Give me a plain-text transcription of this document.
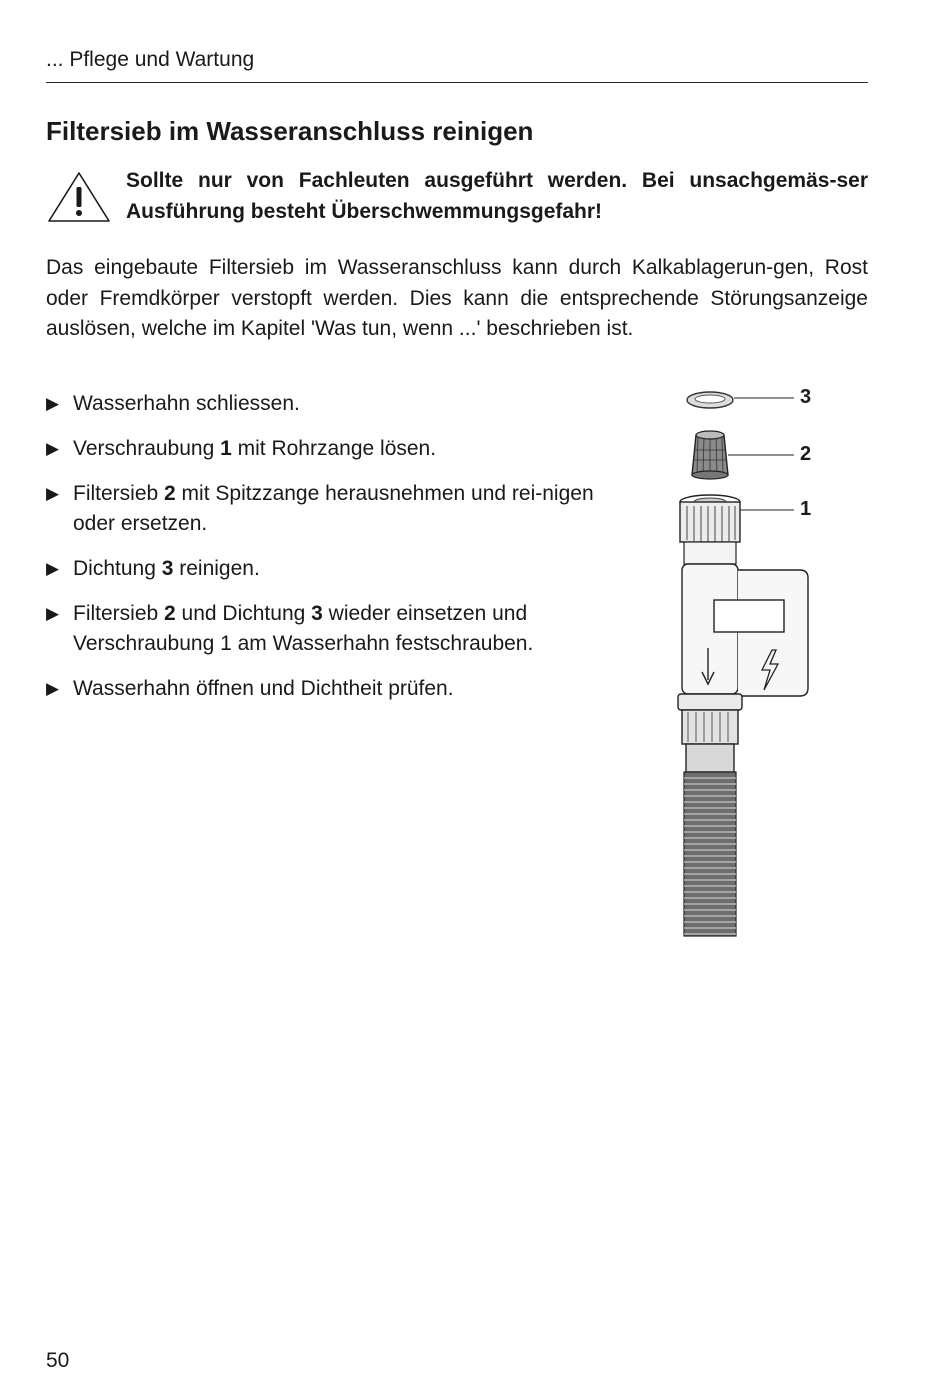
... Pflege und Wartung
Filtersieb im Wasseranschluss reinigen
Sollte nur von Fachleuten ausgeführt werden. Bei unsachgemäs-ser Ausführung besteht Überschwemmungsgefahr!

Das eingebaute Filtersieb im Wasseranschluss kann durch Kalkablagerun-gen, Rost oder Fremdkörper verstopft werden. Dies kann die entsprechende Störungsanzeige auslösen, welche im Kapitel 'Was tun, wenn ...' beschrieben ist.

▶ Wasserhahn schliessen.
▶ Verschraubung 1 mit Rohrzange lösen.
▶ Filtersieb 2 mit Spitzzange herausnehmen und rei-nigen oder ersetzen.
▶ Dichtung 3 reinigen.
▶ Filtersieb 2 und Dichtung 3 wieder einsetzen und Verschraubung 1 am Wasserhahn festschrauben.
▶ Wasserhahn öffnen und Dichtheit prüfen.
3
2
1
50
